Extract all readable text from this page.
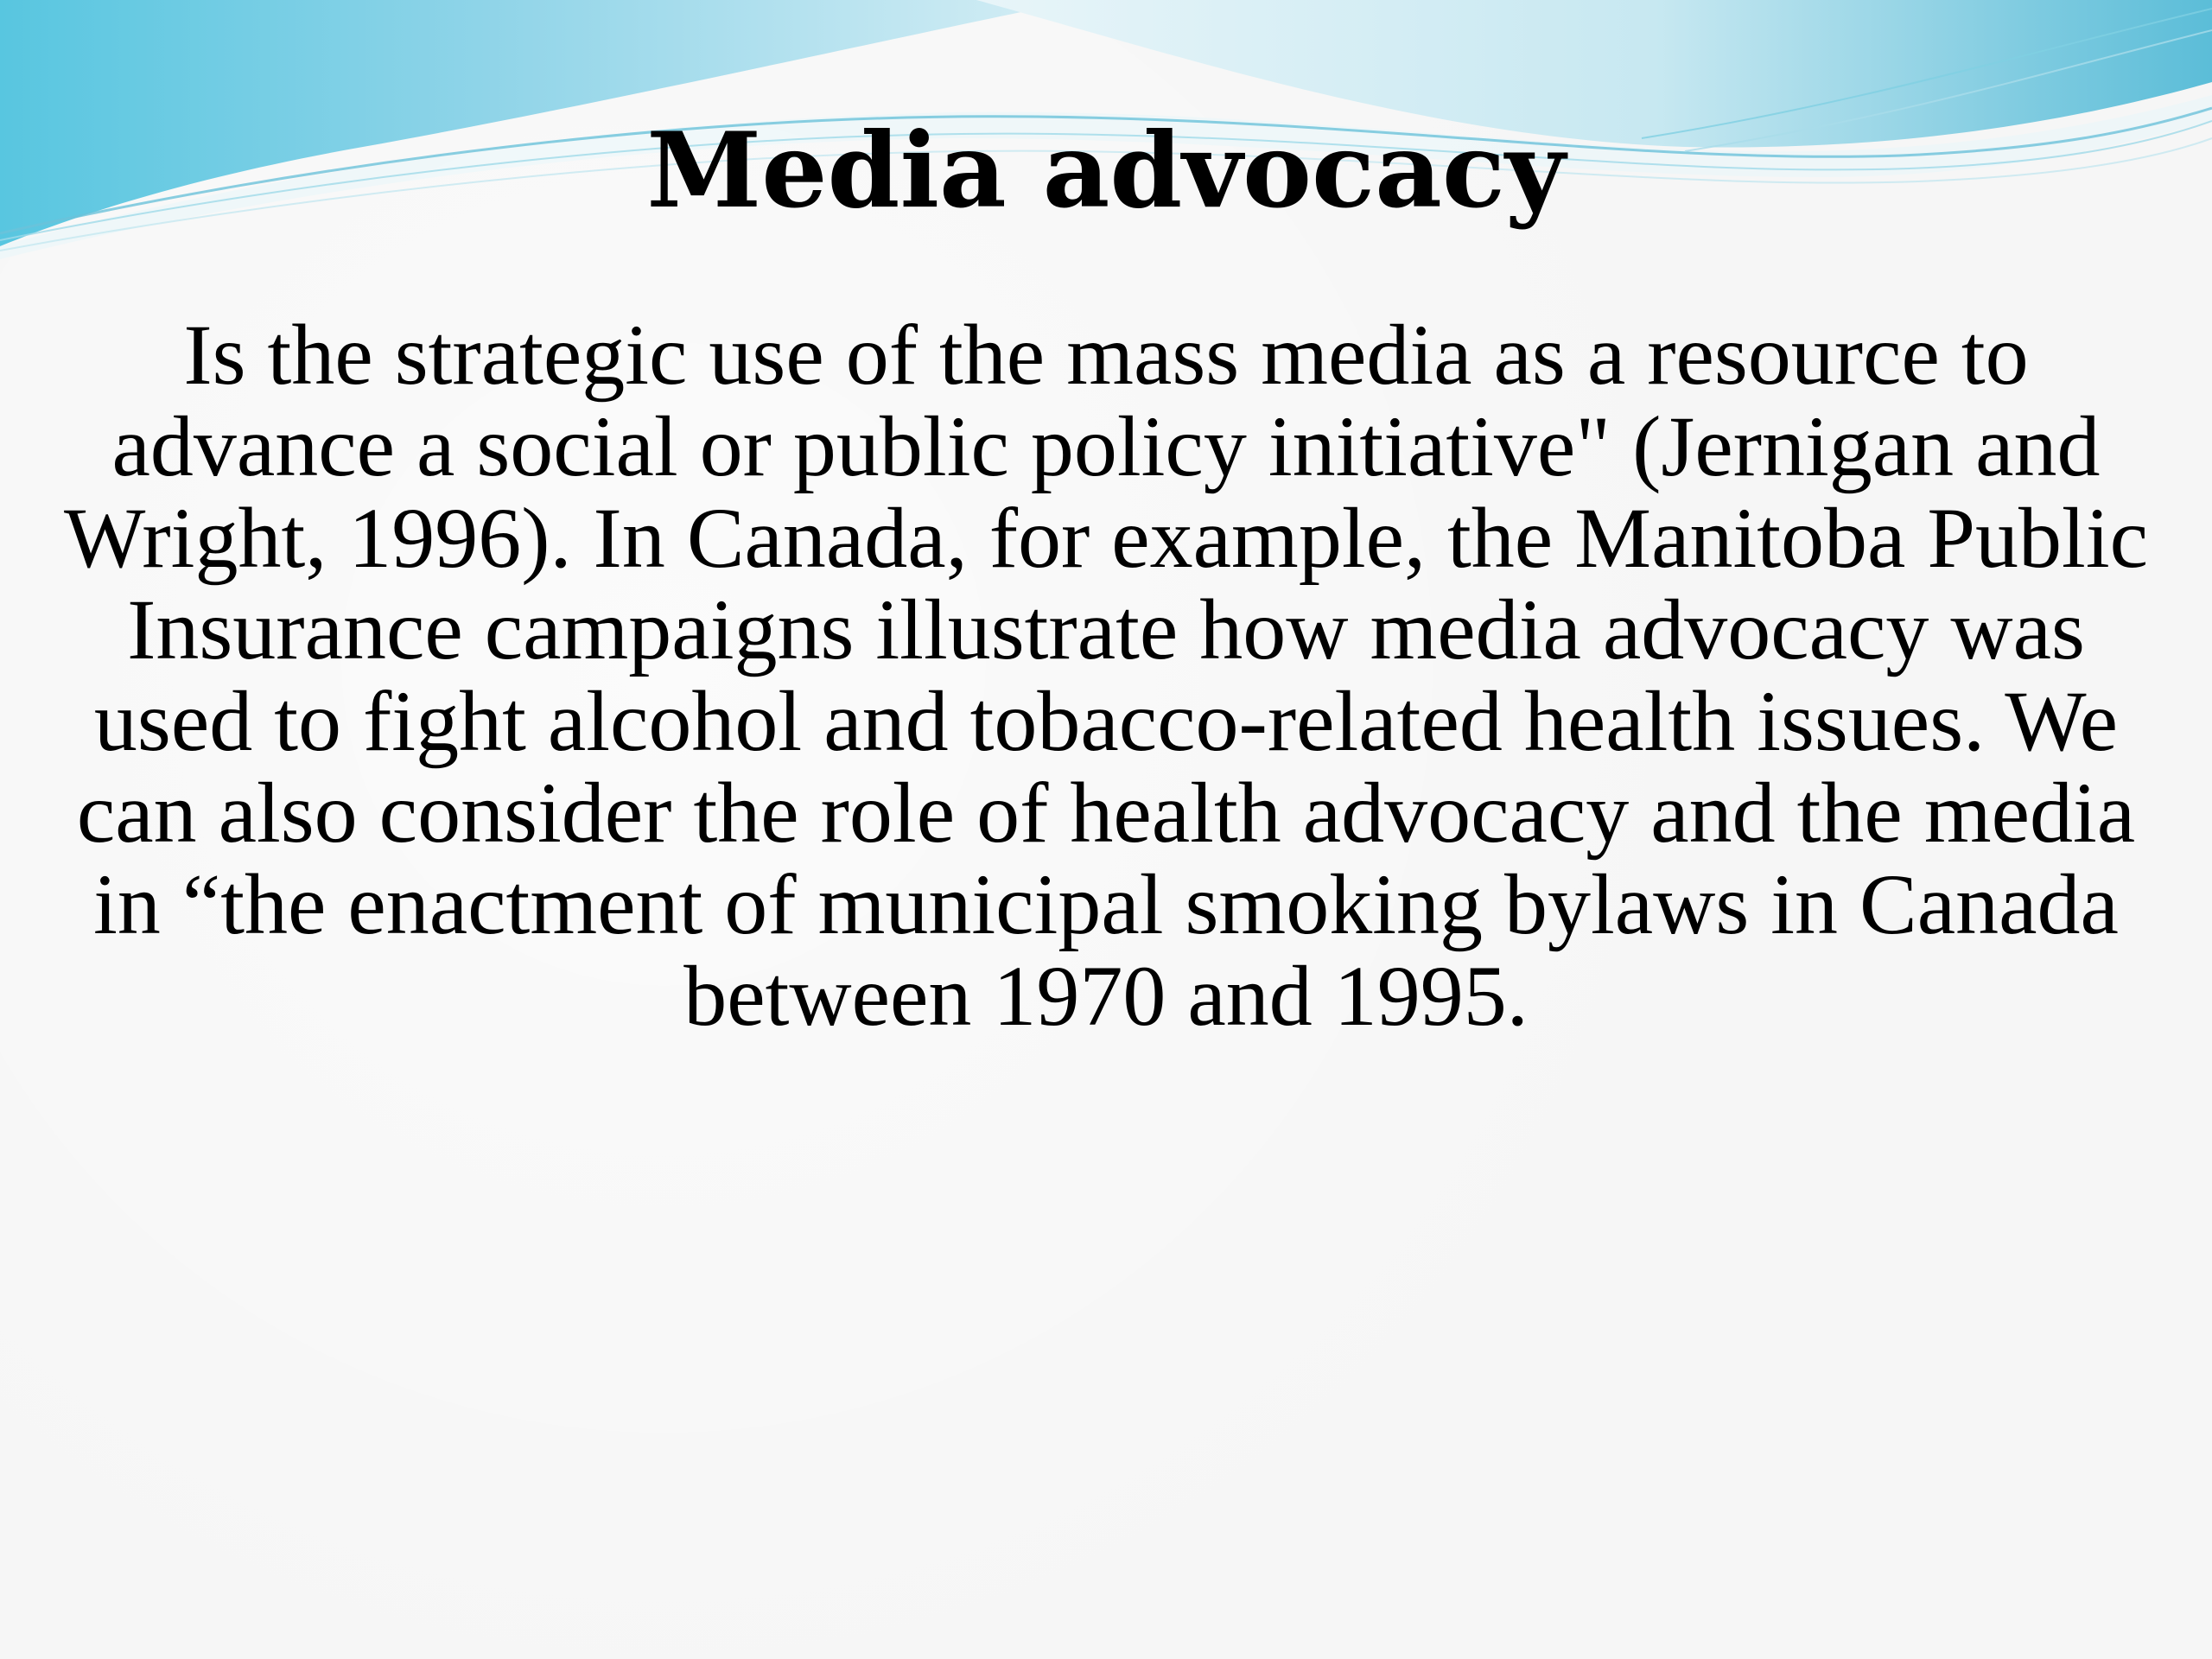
Media advocacy

Is the strategic use of the mass media as a resource to advance a social or public policy initiative" (Jernigan and Wright, 1996). In Canada, for example, the Manitoba Public Insurance campaigns illustrate how media advocacy was used to fight alcohol and tobacco-related health issues. We can also consider the role of health advocacy and the media in “the enactment of municipal smoking bylaws in Canada between 1970 and 1995.
